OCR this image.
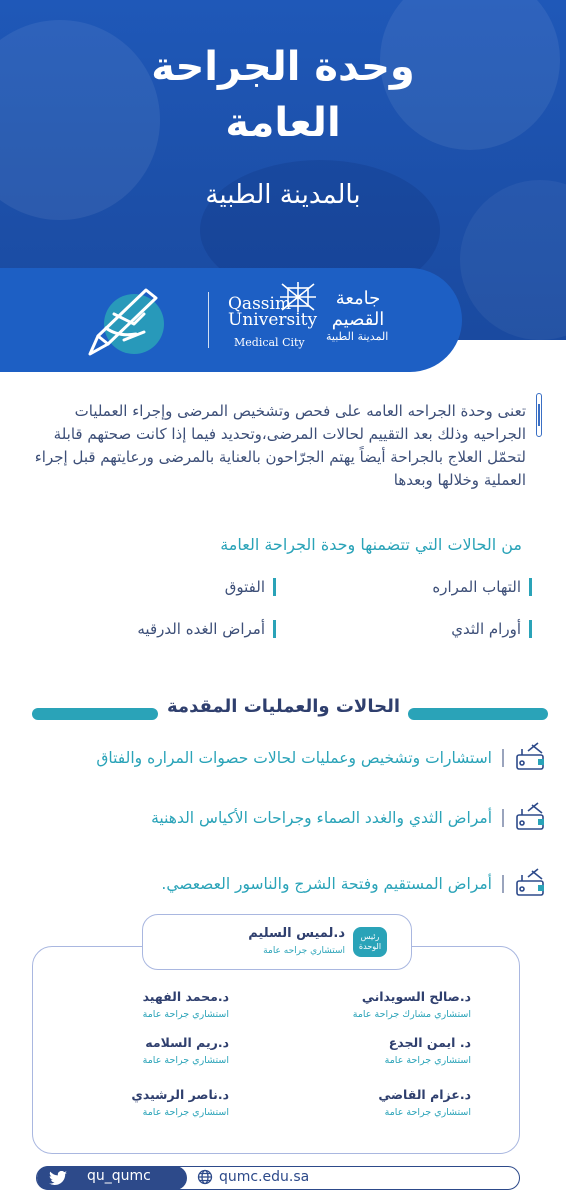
وحدة الجراحة
العامة
بالمدينة الطبية
Qassim
University
Medical City
جامعة القصيم
المدينة الطبية
تعنى وحدة الجراحه العامه على فحص وتشخيص المرضى وإجراء العمليات الجراحيه وذلك بعد التقييم لحالات المرضى،وتحديد فيما إذا كانت صحتهم قابلة لتحمّل العلاج بالجراحة أيضاً يهتم الجرّاحون بالعناية بالمرضى ورعايتهم قبل إجراء العملية وخلالها وبعدها
من الحالات التي تتضمنها وحدة الجراحة العامة
التهاب المراره
الفتوق
أورام الثدي
أمراض الغده الدرقيه
الحالات والعمليات المقدمة
استشارات وتشخيص وعمليات لحالات حصوات المراره والفتاق
أمراض الثدي والغدد الصماء وجراحات الأكياس الدهنية
أمراض المستقيم وفتحة الشرج والناسور العصعصي.
د.صالح السويداني
استشاري مشارك جراحة عامة
د.محمد الفهيد
استشاري جراحة عامة
د. ايمن الجدع
استشاري جراحة عامة
د.ريم السلامه
استشاري جراحة عامة
د.عزام القاضي
استشاري جراحة عامة
د.ناصر الرشيدي
استشاري جراحة عامة
رئيس الوحدة
د.لميس السليم
استشاري جراحه عامة
qu_qumc	qumc.edu.sa
